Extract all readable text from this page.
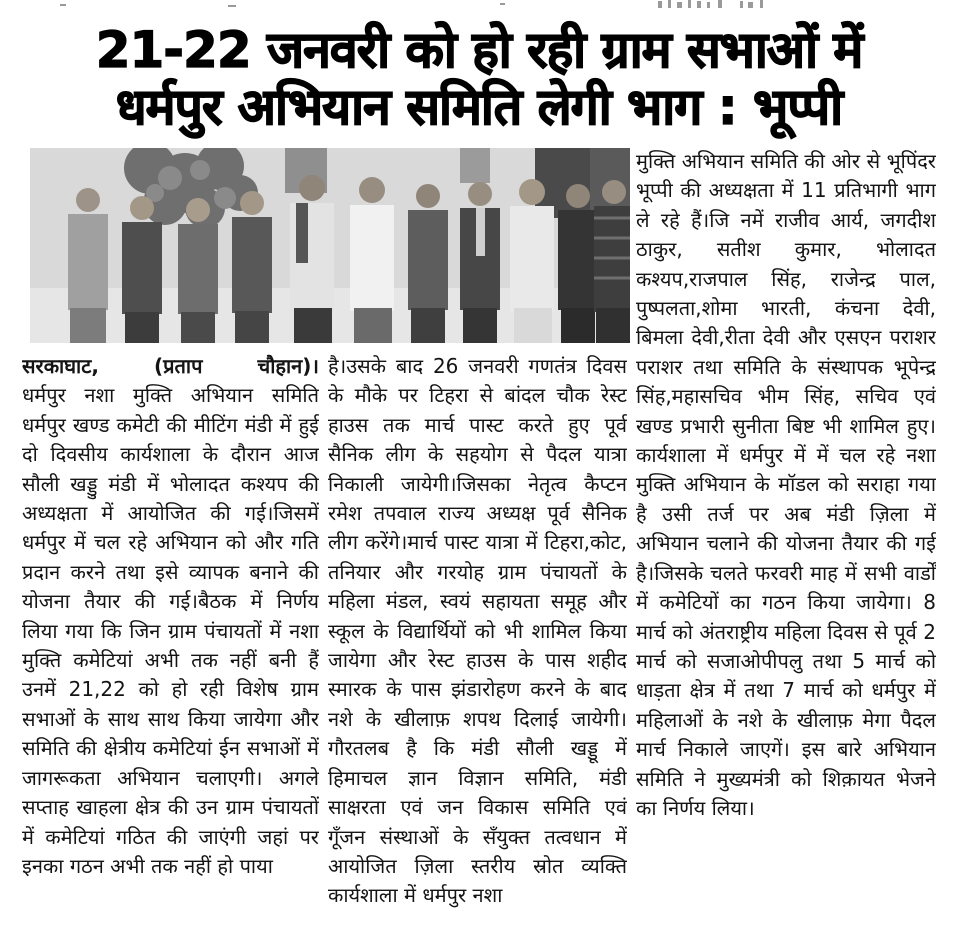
21-22 जनवरी को हो रही ग्राम सभाओं में
धर्मपुर अभियान समिति लेगी भाग : भूप्पी
सरकाघाट, (प्रताप चौहान)।
धर्मपुर नशा मुक्ति अभियान समिति धर्मपुर खण्ड कमेटी की मीटिंग मंडी में हुई दो दिवसीय कार्यशाला के दौरान आज सौली खड्डु मंडी में भोलादत कश्यप की अध्यक्षता में आयोजित की गई।जिसमें धर्मपुर में चल रहे अभियान को और गति प्रदान करने तथा इसे व्यापक बनाने की योजना तैयार की गई।बैठक में निर्णय लिया गया कि जिन ग्राम पंचायतों में नशा मुक्ति कमेटियां अभी तक नहीं बनी हैं उनमें 21,22 को हो रही विशेष ग्राम सभाओं के साथ साथ किया जायेगा और समिति की क्षेत्रीय कमेटियां ईन सभाओं में जागरूकता अभियान चलाएगी। अगले सप्ताह खाहला क्षेत्र की उन ग्राम पंचायतों में कमेटियां गठित की जाएंगी जहां पर इनका गठन अभी तक नहीं हो पाया
है।उसके बाद 26 जनवरी गणतंत्र दिवस के मौके पर टिहरा से बांदल चौक रेस्ट हाउस तक मार्च पास्ट करते हुए पूर्व सैनिक लीग के सहयोग से पैदल यात्रा निकाली जायेगी।जिसका नेतृत्व कैप्टन रमेश तपवाल राज्य अध्यक्ष पूर्व सैनिक लीग करेंगे।मार्च पास्ट यात्रा में टिहरा,कोट, तनियार और गरयोह ग्राम पंचायतों के महिला मंडल, स्वयं सहायता समूह और स्कूल के विद्यार्थियों को भी शामिल किया जायेगा और रेस्ट हाउस के पास शहीद स्मारक के पास झंडारोहण करने के बाद नशे के खीलाफ़ शपथ दिलाई जायेगी।गौरतलब है कि मंडी सौली खड्डू में हिमाचल ज्ञान विज्ञान समिति, मंडी साक्षरता एवं जन विकास समिति एवं गूँजन संस्थाओं के सँयुक्त तत्वधान में आयोजित ज़िला स्तरीय स्रोत व्यक्ति कार्यशाला में धर्मपुर नशा
मुक्ति अभियान समिति की ओर से भूपिंदर भूप्पी की अध्यक्षता में 11 प्रतिभागी भाग ले रहे हैं।जि नमें राजीव आर्य, जगदीश ठाकुर, सतीश कुमार, भोलादत कश्यप,राजपाल सिंह, राजेन्द्र पाल, पुष्पलता,शोमा भारती, कंचना देवी, बिमला देवी,रीता देवी और एसएन पराशर पराशर तथा समिति के संस्थापक भूपेन्द्र सिंह,महासचिव भीम सिंह, सचिव एवं खण्ड प्रभारी सुनीता बिष्ट भी शामिल हुए।कार्यशाला में धर्मपुर में में चल रहे नशा मुक्ति अभियान के मॉडल को सराहा गया है उसी तर्ज पर अब मंडी ज़िला में अभियान चलाने की योजना तैयार की गई है।जिसके चलते फरवरी माह में सभी वार्डों में कमेटियों का गठन किया जायेगा। 8 मार्च को अंतराष्ट्रीय महिला दिवस से पूर्व 2 मार्च को सजाओपीपलु तथा 5 मार्च को धाड़ता क्षेत्र में तथा 7 मार्च को धर्मपुर में महिलाओं के नशे के खीलाफ़ मेगा पैदल मार्च निकाले जाएगें। इस बारे अभियान समिति ने मुख्यमंत्री को शिक़ायत भेजने का निर्णय लिया।
